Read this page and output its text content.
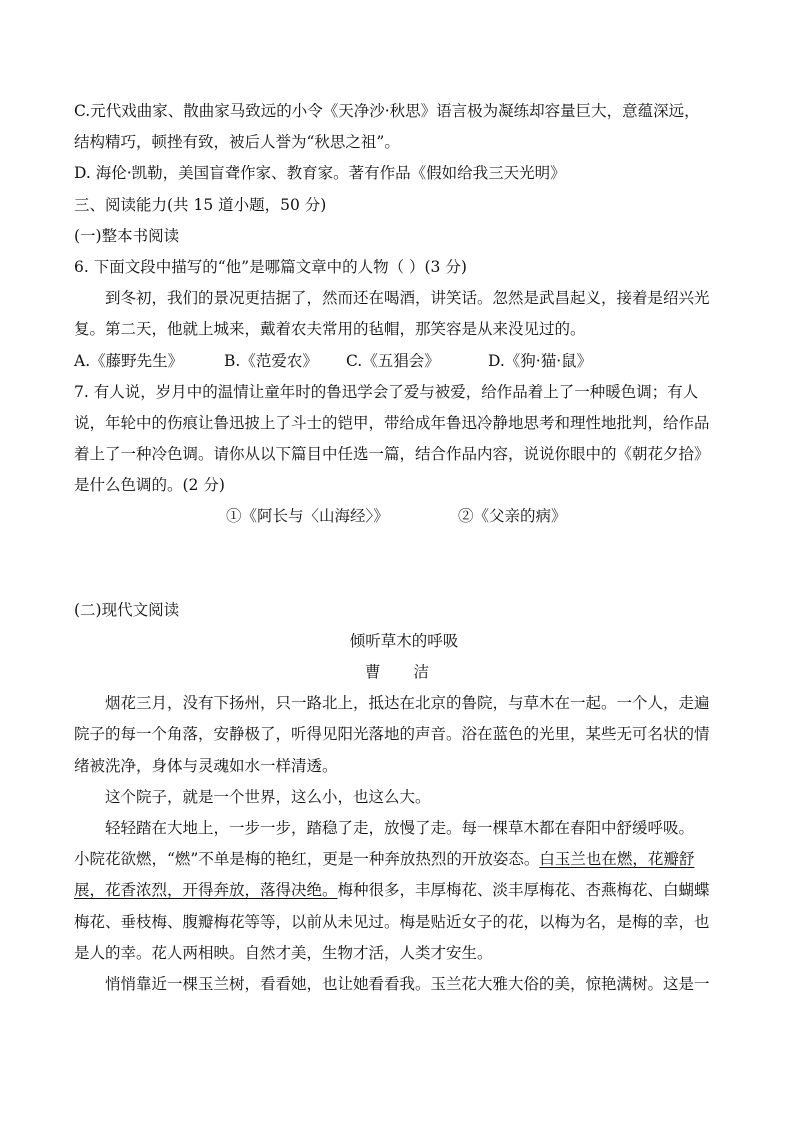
C.元代戏曲家、散曲家马致远的小令《天净沙·秋思》语言极为凝练却容量巨大，意蕴深远，
结构精巧，顿挫有致，被后人誉为“秋思之祖”。
D. 海伦·凯勒，美国盲聋作家、教育家。著有作品《假如给我三天光明》
三、阅读能力(共 15 道小题，50 分)
(一)整本书阅读
6. 下面文段中描写的“他”是哪篇文章中的人物（ ）(3 分)
到冬初，我们的景况更拮据了，然而还在喝酒，讲笑话。忽然是武昌起义，接着是绍兴光
复。第二天，他就上城来，戴着农夫常用的毡帽，那笑容是从来没见过的。
A.《藤野先生》	B.《范爱农》 C.《五猖会》	D.《狗·猫·鼠》
7. 有人说，岁月中的温情让童年时的鲁迅学会了爱与被爱，给作品着上了一种暖色调；有人
说，年轮中的伤痕让鲁迅披上了斗士的铠甲，带给成年鲁迅冷静地思考和理性地批判，给作品
着上了一种冷色调。请你从以下篇目中任选一篇，结合作品内容，说说你眼中的《朝花夕拾》
是什么色调的。(2 分)
①《阿长与〈山海经〉》	②《父亲的病》
(二)现代文阅读
倾听草木的呼吸
曹 洁
烟花三月，没有下扬州，只一路北上，抵达在北京的鲁院，与草木在一起。一个人，走遍
院子的每一个角落，安静极了，听得见阳光落地的声音。浴在蓝色的光里，某些无可名状的情
绪被洗净，身体与灵魂如水一样清透。
这个院子，就是一个世界，这么小，也这么大。
轻轻踏在大地上，一步一步，踏稳了走，放慢了走。每一棵草木都在春阳中舒缓呼吸。
小院花欲燃，“燃”不单是梅的艳红，更是一种奔放热烈的开放姿态。白玉兰也在燃，花瓣舒
展，花香浓烈，开得奔放，落得决绝。梅种很多，丰厚梅花、淡丰厚梅花、杏燕梅花、白蝴蝶
梅花、垂枝梅、腹瓣梅花等等，以前从未见过。梅是贴近女子的花，以梅为名，是梅的幸，也
是人的幸。花人两相映。自然才美，生物才活，人类才安生。
悄悄靠近一棵玉兰树，看看她，也让她看看我。玉兰花大雅大俗的美，惊艳满树。这是一
